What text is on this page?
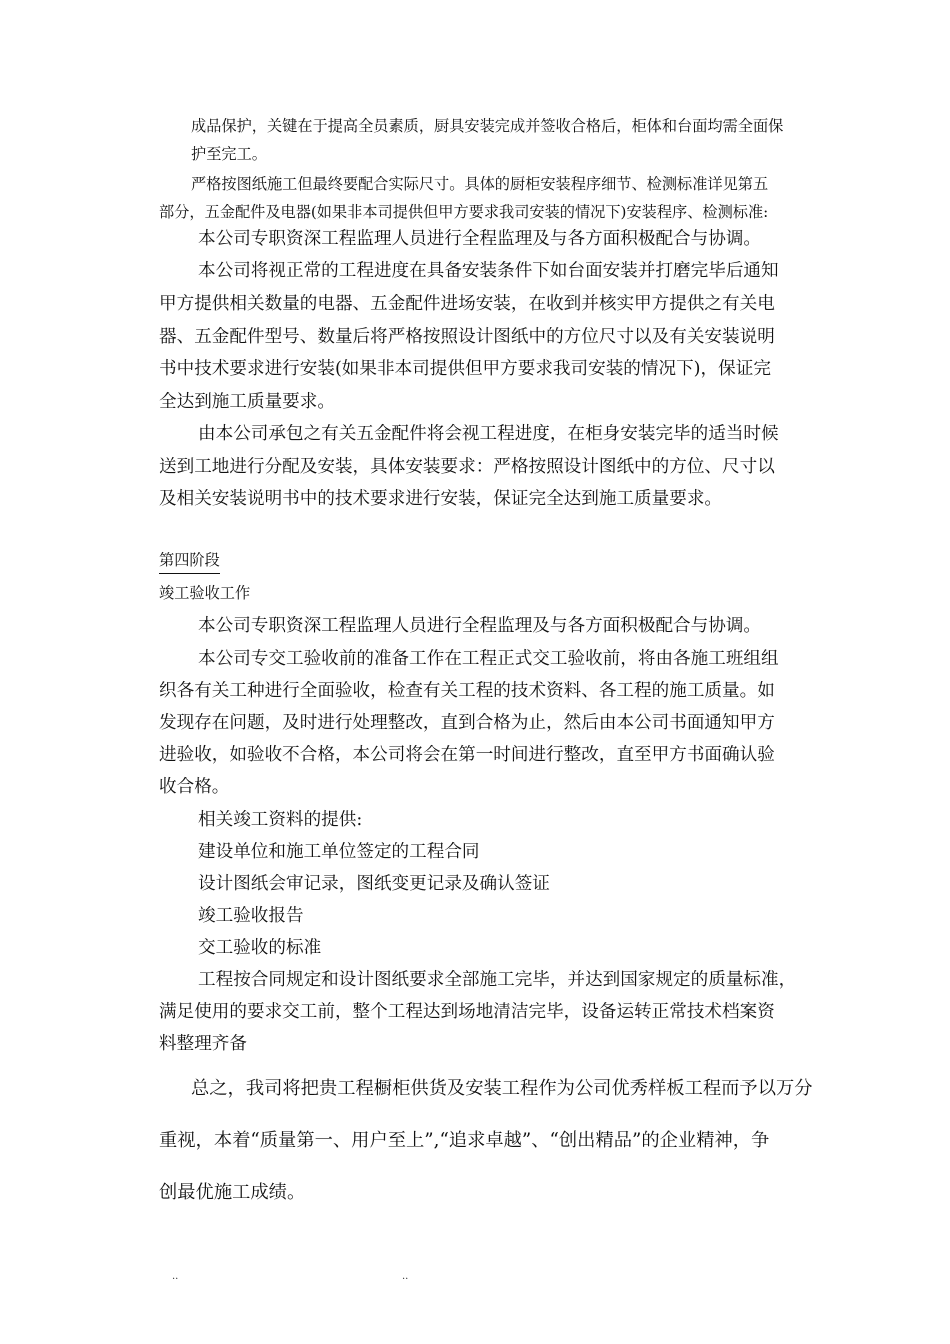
成品保护，关键在于提高全员素质，厨具安装完成并签收合格后，柜体和台面均需全面保

护至完工。

严格按图纸施工但最终要配合实际尺寸。具体的厨柜安装程序细节、检测标准详见第五

部分，五金配件及电器(如果非本司提供但甲方要求我司安装的情况下)安装程序、检测标准:

本公司专职资深工程监理人员进行全程监理及与各方面积极配合与协调。

本公司将视正常的工程进度在具备安装条件下如台面安装并打磨完毕后通知

甲方提供相关数量的电器、五金配件进场安装，在收到并核实甲方提供之有关电

器、五金配件型号、数量后将严格按照设计图纸中的方位尺寸以及有关安装说明

书中技术要求进行安装(如果非本司提供但甲方要求我司安装的情况下)，保证完

全达到施工质量要求。

由本公司承包之有关五金配件将会视工程进度，在柜身安装完毕的适当时候

送到工地进行分配及安装，具体安装要求：严格按照设计图纸中的方位、尺寸以

及相关安装说明书中的技术要求进行安装，保证完全达到施工质量要求。

第四阶段

竣工验收工作

本公司专职资深工程监理人员进行全程监理及与各方面积极配合与协调。

本公司专交工验收前的准备工作在工程正式交工验收前，将由各施工班组组

织各有关工种进行全面验收，检查有关工程的技术资料、各工程的施工质量。如

发现存在问题，及时进行处理整改，直到合格为止，然后由本公司书面通知甲方

进验收，如验收不合格，本公司将会在第一时间进行整改，直至甲方书面确认验

收合格。

相关竣工资料的提供:

建设单位和施工单位签定的工程合同

设计图纸会审记录，图纸变更记录及确认签证

竣工验收报告

交工验收的标准

工程按合同规定和设计图纸要求全部施工完毕，并达到国家规定的质量标准，

满足使用的要求交工前，整个工程达到场地清洁完毕，设备运转正常技术档案资

料整理齐备

总之，我司将把贵工程橱柜供货及安装工程作为公司优秀样板工程而予以万分

重视，本着“质量第一、用户至上”,“追求卓越”、“创出精品”的企业精神，争

创最优施工成绩。

..	..
